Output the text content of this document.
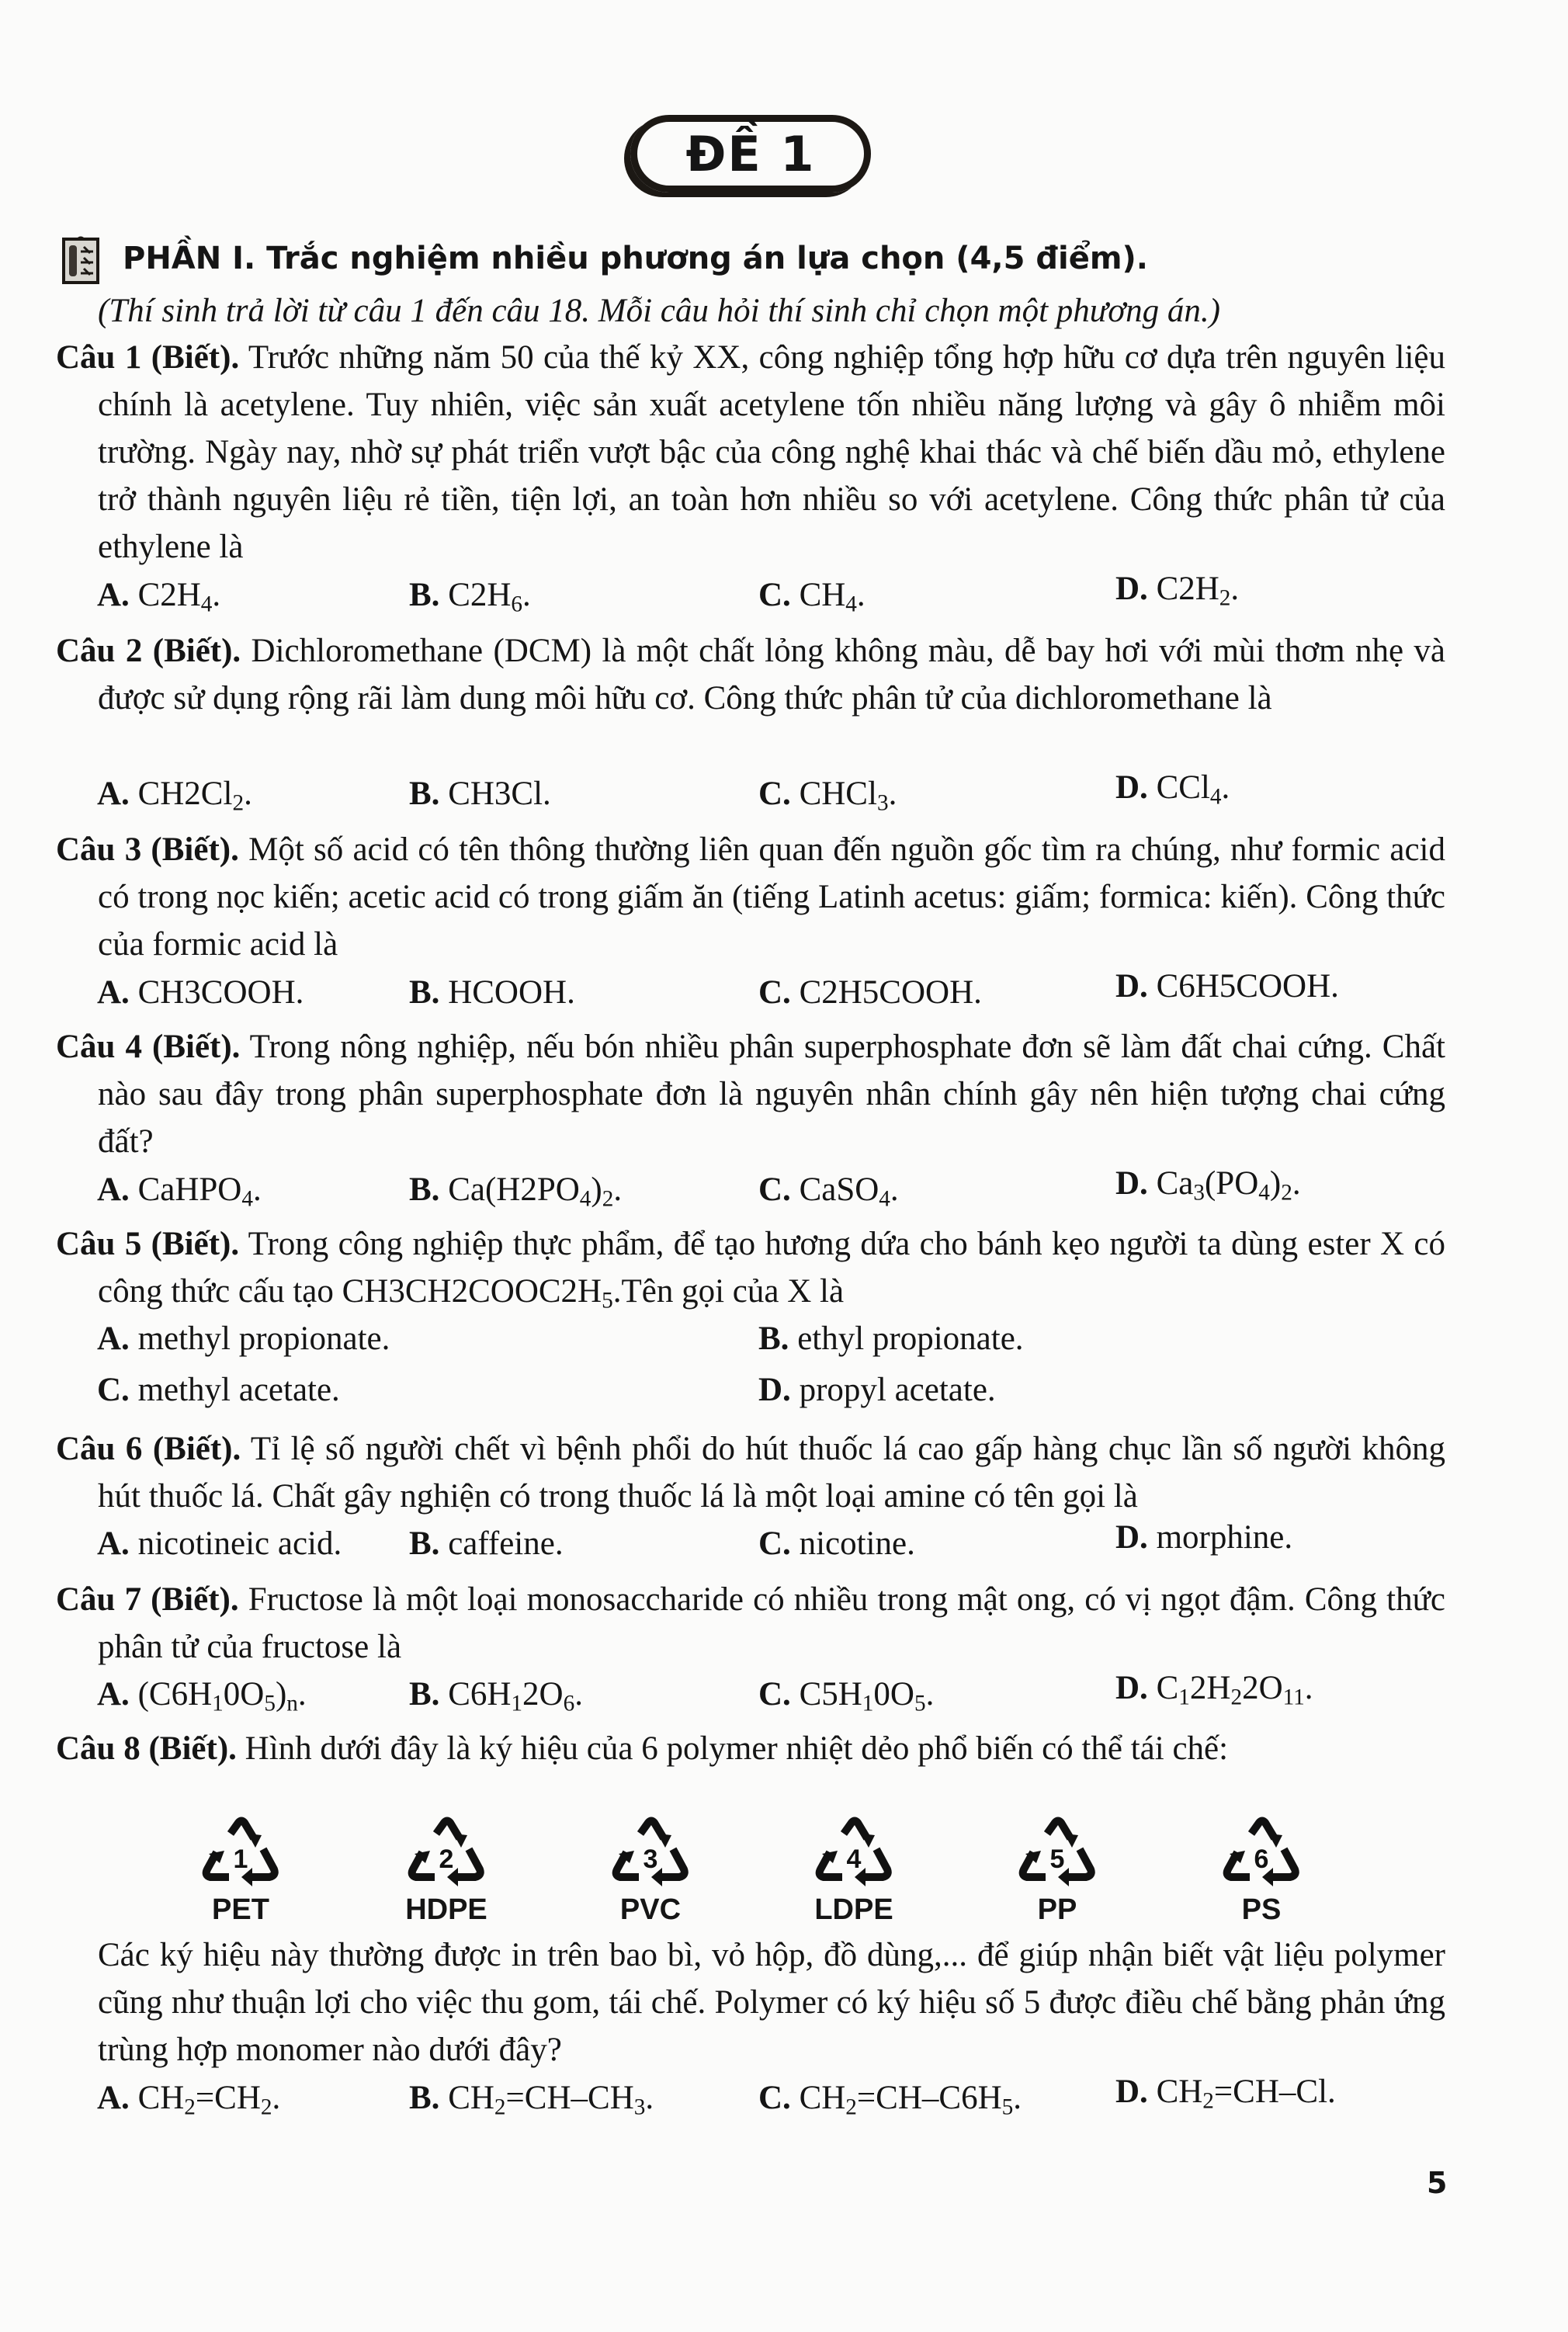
ĐỀ 1
PHẦN I. Trắc nghiệm nhiều phương án lựa chọn (4,5 điểm).
(Thí sinh trả lời từ câu 1 đến câu 18. Mỗi câu hỏi thí sinh chỉ chọn một phương án.)
Câu 1 (Biết). Trước những năm 50 của thế kỷ XX, công nghiệp tổng hợp hữu cơ dựa trên nguyên liệu chính là acetylene. Tuy nhiên, việc sản xuất acetylene tốn nhiều năng lượng và gây ô nhiễm môi trường. Ngày nay, nhờ sự phát triển vượt bậc của công nghệ khai thác và chế biến dầu mỏ, ethylene trở thành nguyên liệu rẻ tiền, tiện lợi, an toàn hơn nhiều so với acetylene. Công thức phân tử của ethylene là
A. $C2H_4$.	B. $C2H_6$.	C. $CH_4$.	D. $C2H_2$.
Câu 2 (Biết). Dichloromethane (DCM) là một chất lỏng không màu, dễ bay hơi với mùi thơm nhẹ và được sử dụng rộng rãi làm dung môi hữu cơ. Công thức phân tử của dichloromethane là
A. $CH2Cl_2$.	B. CH3Cl.	C. CHCl$_3$.	D. CCl$_4$.
Câu 3 (Biết). Một số acid có tên thông thường liên quan đến nguồn gốc tìm ra chúng, như formic acid có trong nọc kiến; acetic acid có trong giấm ăn (tiếng Latinh acetus: giấm; formica: kiến). Công thức của formic acid là
A. CH3COOH.	B. HCOOH.	C. C2H5COOH.	D. C6H5COOH.
Câu 4 (Biết). Trong nông nghiệp, nếu bón nhiều phân superphosphate đơn sẽ làm đất chai cứng. Chất nào sau đây trong phân superphosphate đơn là nguyên nhân chính gây nên hiện tượng chai cứng đất?
A. CaHPO$_4$.	B. $Ca(H2PO_4)_2$.	C. CaSO$_4$.	D. $Ca_3(PO_4)_2$.
Câu 5 (Biết). Trong công nghiệp thực phẩm, để tạo hương dứa cho bánh kẹo người ta dùng ester X có công thức cấu tạo $CH3CH2COOC2H_5.Tên$ gọi của X là
A. methyl propionate.	B. ethyl propionate.
C. methyl acetate.	D. propyl acetate.
Câu 6 (Biết). Tỉ lệ số người chết vì bệnh phổi do hút thuốc lá cao gấp hàng chục lần số người không hút thuốc lá. Chất gây nghiện có trong thuốc lá là một loại amine có tên gọi là
A. nicotineic acid. B. caffeine.	C. nicotine.	D. morphine.
Câu 7 (Biết). Fructose là một loại monosaccharide có nhiều trong mật ong, có vị ngọt đậm. Công thức phân tử của fructose là
A. $(C6H_10O_5)_n$.	B. $C6H_12O_6$.	C. $C5H_10O_5$.	D. $C_12H_22O_{11}$.
Câu 8 (Biết). Hình dưới đây là ký hiệu của 6 polymer nhiệt dẻo phổ biến có thể tái chế:
A. $CH_2=CH_2$.	B. $CH_2=CH-CH_3$.	C. $CH_2=CH-C6H_5$.	D. $CH_2=CH-Cl$.
5
1
PET
2
HDPE
3
PVC
4
LDPE
5
PP
6
PS
Các ký hiệu này thường được in trên bao bì, vỏ hộp, đồ dùng,... để giúp nhận biết vật liệu polymer cũng như thuận lợi cho việc thu gom, tái chế. Polymer có ký hiệu số 5 được điều chế bằng phản ứng trùng hợp monomer nào dưới đây?
